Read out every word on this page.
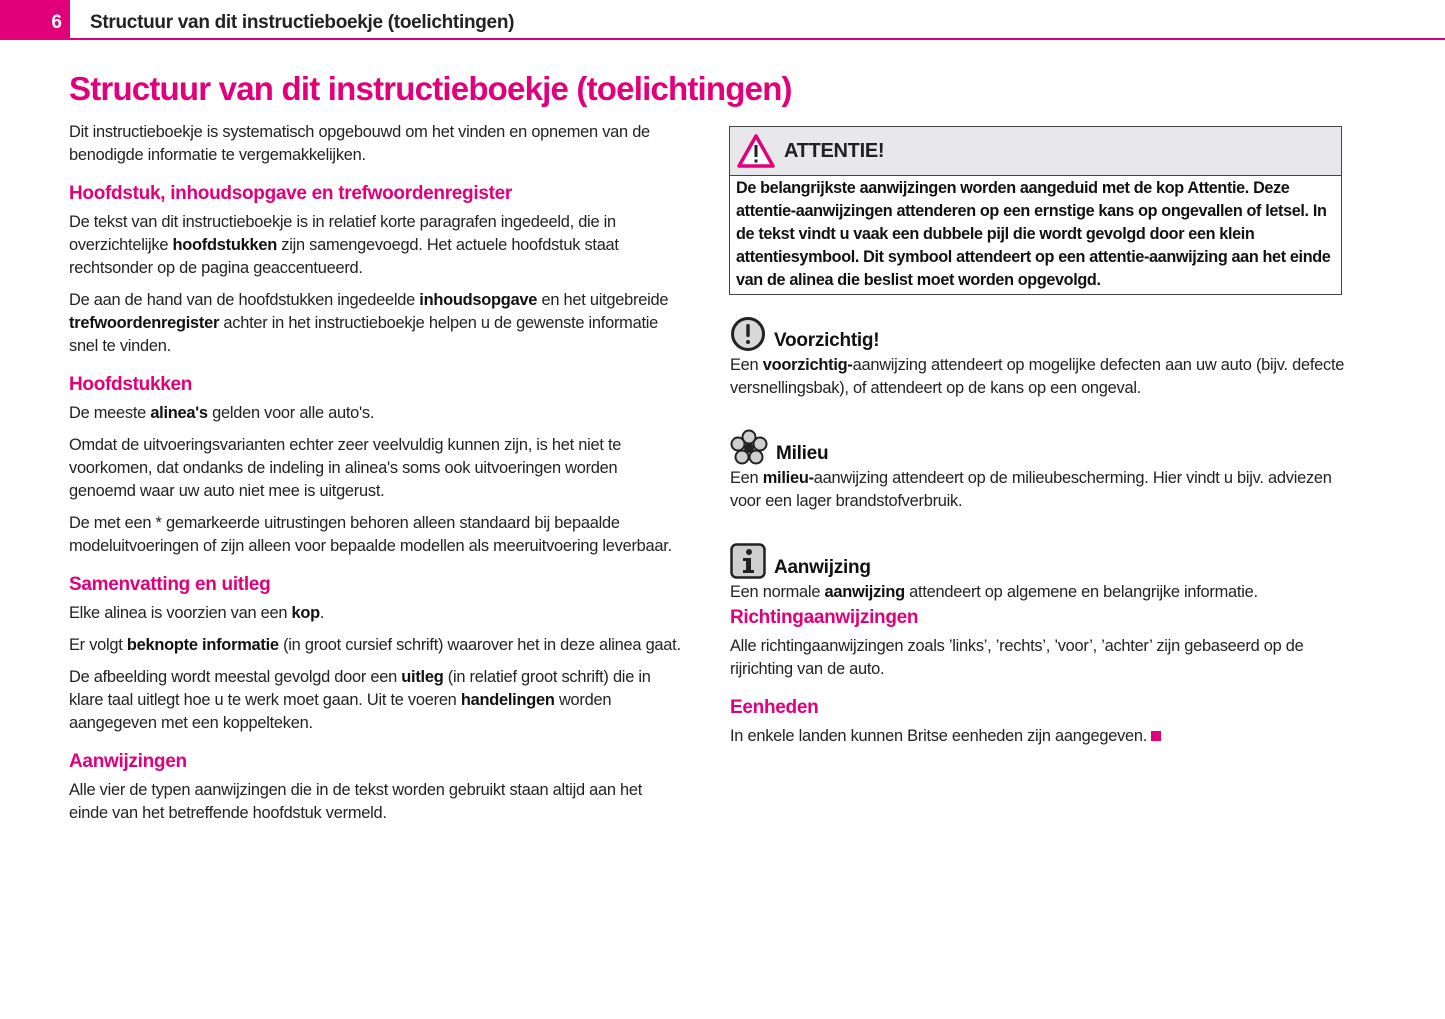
6	Structuur van dit instructieboekje (toelichtingen)
Structuur van dit instructieboekje (toelichtingen)

Dit instructieboekje is systematisch opgebouwd om het vinden en opnemen van de benodigde informatie te vergemakkelijken.

Hoofdstuk, inhoudsopgave en trefwoordenregister

De tekst van dit instructieboekje is in relatief korte paragrafen ingedeeld, die in overzichtelijke hoofdstukken zijn samengevoegd. Het actuele hoofdstuk staat rechtsonder op de pagina geaccentueerd.

De aan de hand van de hoofdstukken ingedeelde inhoudsopgave en het uitgebreide trefwoordenregister achter in het instructieboekje helpen u de gewenste informatie snel te vinden.

Hoofdstukken

De meeste alinea's gelden voor alle auto's.

Omdat de uitvoeringsvarianten echter zeer veelvuldig kunnen zijn, is het niet te voorkomen, dat ondanks de indeling in alinea's soms ook uitvoeringen worden genoemd waar uw auto niet mee is uitgerust.

De met een * gemarkeerde uitrustingen behoren alleen standaard bij bepaalde modeluitvoeringen of zijn alleen voor bepaalde modellen als meeruitvoering leverbaar.

Samenvatting en uitleg

Elke alinea is voorzien van een kop.

Er volgt beknopte informatie (in groot cursief schrift) waarover het in deze alinea gaat.

De afbeelding wordt meestal gevolgd door een uitleg (in relatief groot schrift) die in klare taal uitlegt hoe u te werk moet gaan. Uit te voeren handelingen worden aangegeven met een koppelteken.

Aanwijzingen

Alle vier de typen aanwijzingen die in de tekst worden gebruikt staan altijd aan het einde van het betreffende hoofdstuk vermeld.

ATTENTIE!
De belangrijkste aanwijzingen worden aangeduid met de kop Attentie. Deze attentie-aanwijzingen attenderen op een ernstige kans op ongevallen of letsel. In de tekst vindt u vaak een dubbele pijl die wordt gevolgd door een klein attentiesymbool. Dit symbool attendeert op een attentie-aanwijzing aan het einde van de alinea die beslist moet worden opgevolgd.
Voorzichtig!
Een voorzichtig-aanwijzing attendeert op mogelijke defecten aan uw auto (bijv. defecte versnellingsbak), of attendeert op de kans op een ongeval.
Milieu
Een milieu-aanwijzing attendeert op de milieubescherming. Hier vindt u bijv. adviezen voor een lager brandstofverbruik.
Aanwijzing
Een normale aanwijzing attendeert op algemene en belangrijke informatie.
Richtingaanwijzingen

Alle richtingaanwijzingen zoals ’links’, ’rechts’, ’voor’, ’achter’ zijn gebaseerd op de rijrichting van de auto.

Eenheden

In enkele landen kunnen Britse eenheden zijn aangegeven.
